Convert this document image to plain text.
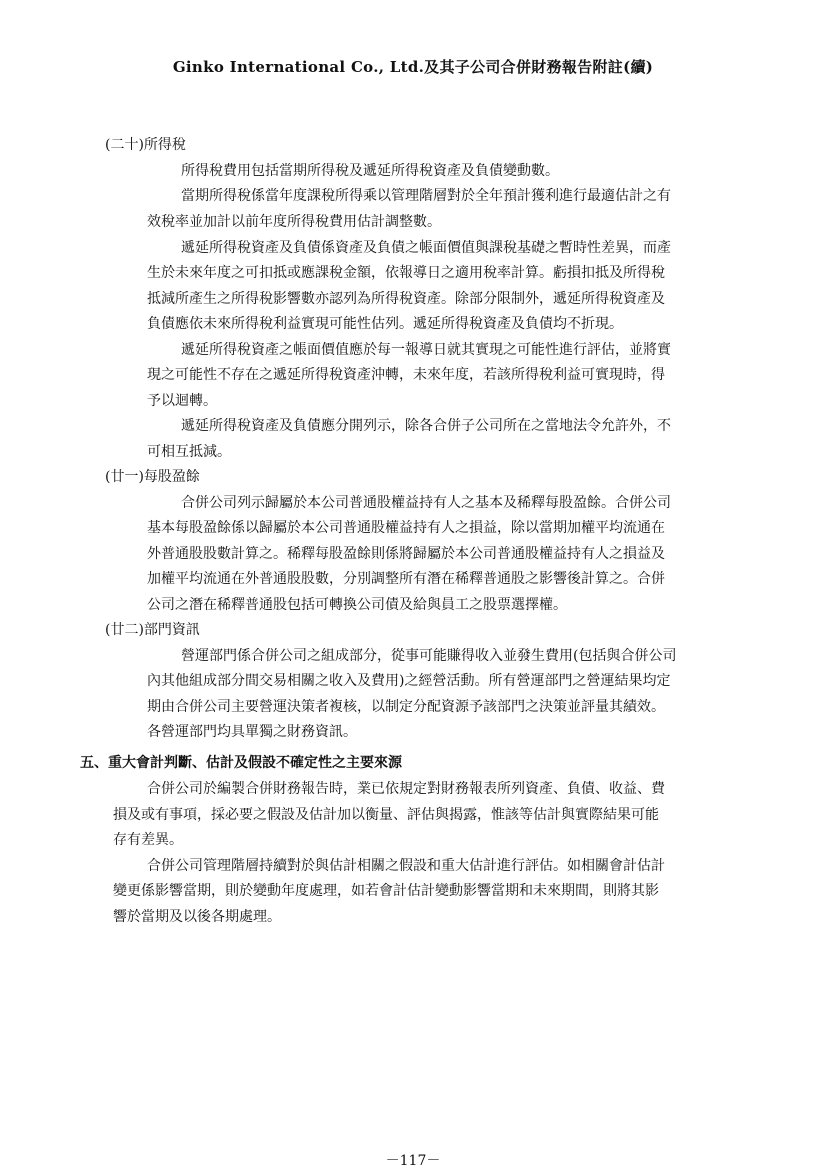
Ginko International Co., Ltd.及其子公司合併財務報告附註(續)
(二十)所得稅
所得稅費用包括當期所得稅及遞延所得稅資產及負債變動數。
當期所得稅係當年度課稅所得乘以管理階層對於全年預計獲利進行最適估計之有
效稅率並加計以前年度所得稅費用估計調整數。
遞延所得稅資產及負債係資產及負債之帳面價值與課稅基礎之暫時性差異，而產
生於未來年度之可扣抵或應課稅金額，依報導日之適用稅率計算。虧損扣抵及所得稅
抵減所產生之所得稅影響數亦認列為所得稅資產。除部分限制外，遞延所得稅資產及
負債應依未來所得稅利益實現可能性估列。遞延所得稅資產及負債均不折現。
遞延所得稅資產之帳面價值應於每一報導日就其實現之可能性進行評估，並將實
現之可能性不存在之遞延所得稅資產沖轉，未來年度，若該所得稅利益可實現時，得
予以迴轉。
遞延所得稅資產及負債應分開列示，除各合併子公司所在之當地法令允許外，不
可相互抵減。
(廿一)每股盈餘
合併公司列示歸屬於本公司普通股權益持有人之基本及稀釋每股盈餘。合併公司
基本每股盈餘係以歸屬於本公司普通股權益持有人之損益，除以當期加權平均流通在
外普通股股數計算之。稀釋每股盈餘則係將歸屬於本公司普通股權益持有人之損益及
加權平均流通在外普通股股數，分別調整所有潛在稀釋普通股之影響後計算之。合併
公司之潛在稀釋普通股包括可轉換公司債及給與員工之股票選擇權。
(廿二)部門資訊
營運部門係合併公司之組成部分，從事可能賺得收入並發生費用(包括與合併公司
內其他組成部分間交易相關之收入及費用)之經營活動。所有營運部門之營運結果均定
期由合併公司主要營運決策者複核，以制定分配資源予該部門之決策並評量其績效。
各營運部門均具單獨之財務資訊。
五、重大會計判斷、估計及假設不確定性之主要來源
合併公司於編製合併財務報告時，業已依規定對財務報表所列資產、負債、收益、費
損及或有事項，採必要之假設及估計加以衡量、評估與揭露，惟該等估計與實際結果可能
存有差異。
合併公司管理階層持續對於與估計相關之假設和重大估計進行評估。如相關會計估計
變更係影響當期，則於變動年度處理，如若會計估計變動影響當期和未來期間，則將其影
響於當期及以後各期處理。
－117－
